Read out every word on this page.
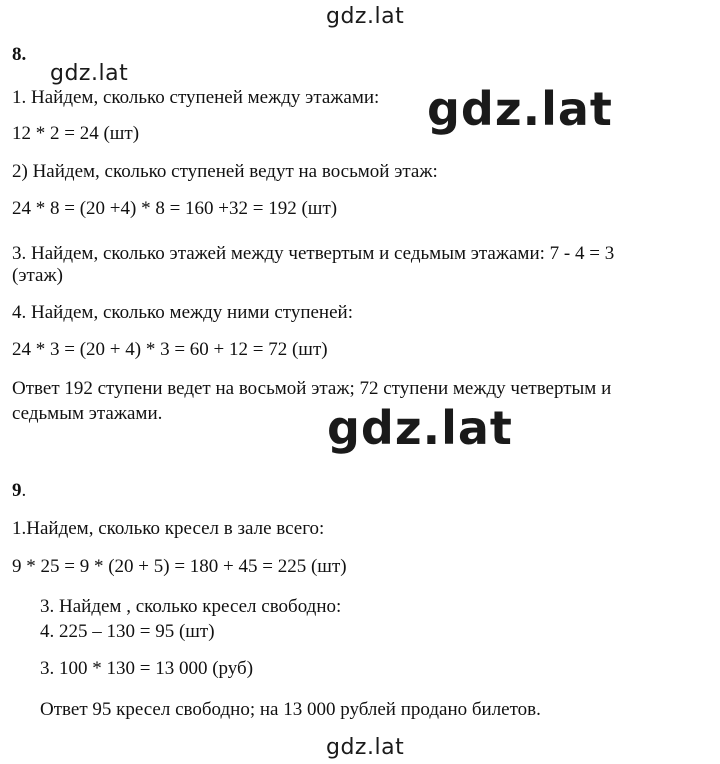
gdz.lat
gdz.lat
gdz.lat
gdz.lat
gdz.lat
8.
1. Найдем, сколько ступеней между этажами:
12 * 2 = 24 (шт)
2) Найдем, сколько ступеней ведут на восьмой этаж:
24 * 8 = (20 +4) * 8 = 160 +32 = 192 (шт)
3. Найдем, сколько этажей между четвертым и седьмым этажами: 7 - 4 = 3
(этаж)
4. Найдем, сколько между ними ступеней:
24 * 3 = (20 + 4) * 3 = 60 + 12 = 72 (шт)
Ответ 192 ступени ведет на восьмой этаж; 72 ступени между четвертым и
седьмым этажами.
9.
1.Найдем, сколько кресел в зале всего:
9 * 25 = 9 * (20 + 5) = 180 + 45 = 225 (шт)
3. Найдем , сколько кресел свободно:
4. 225 – 130 = 95 (шт)
3. 100 * 130 = 13 000 (руб)
Ответ 95 кресел свободно; на 13 000 рублей продано билетов.
